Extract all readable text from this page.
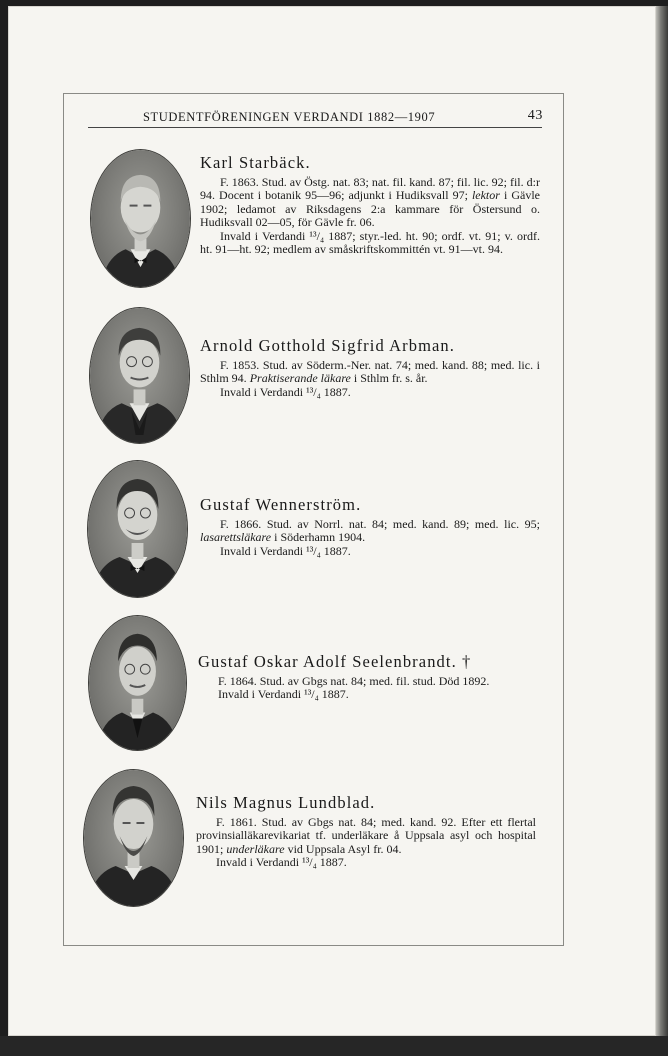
STUDENTFÖRENINGEN VERDANDI 1882—1907	43
Karl Starbäck.

F. 1863. Stud. av Östg. nat. 83; nat. fil. kand. 87; fil. lic. 92; fil. d:r 94. Docent i botanik 95—96; adjunkt i Hudiksvall 97; lektor i Gävle 1902; ledamot av Riksdagens 2:a kammare för Östersund o. Hudiksvall 02—05, för Gävle fr. 06.

Invald i Verdandi ¹³/₄ 1887; styr.-led. ht. 90; ordf. vt. 91; v. ordf. ht. 91—ht. 92; medlem av småskriftskommittén vt. 91—vt. 94.

Arnold Gotthold Sigfrid Arbman.

F. 1853. Stud. av Söderm.-Ner. nat. 74; med. kand. 88; med. lic. i Sthlm 94. Praktiserande läkare i Sthlm fr. s. år.

Invald i Verdandi ¹³/₄ 1887.

Gustaf Wennerström.

F. 1866. Stud. av Norrl. nat. 84; med. kand. 89; med. lic. 95; lasarettsläkare i Söderhamn 1904.

Invald i Verdandi ¹³/₄ 1887.

Gustaf Oskar Adolf Seelenbrandt. †

F. 1864. Stud. av Gbgs nat. 84; med. fil. stud. Död 1892.

Invald i Verdandi ¹³/₄ 1887.

Nils Magnus Lundblad.

F. 1861. Stud. av Gbgs nat. 84; med. kand. 92. Efter ett flertal provinsialläkarevikariat tf. underläkare å Uppsala asyl och hospital 1901; underläkare vid Uppsala Asyl fr. 04.

Invald i Verdandi ¹³/₄ 1887.
